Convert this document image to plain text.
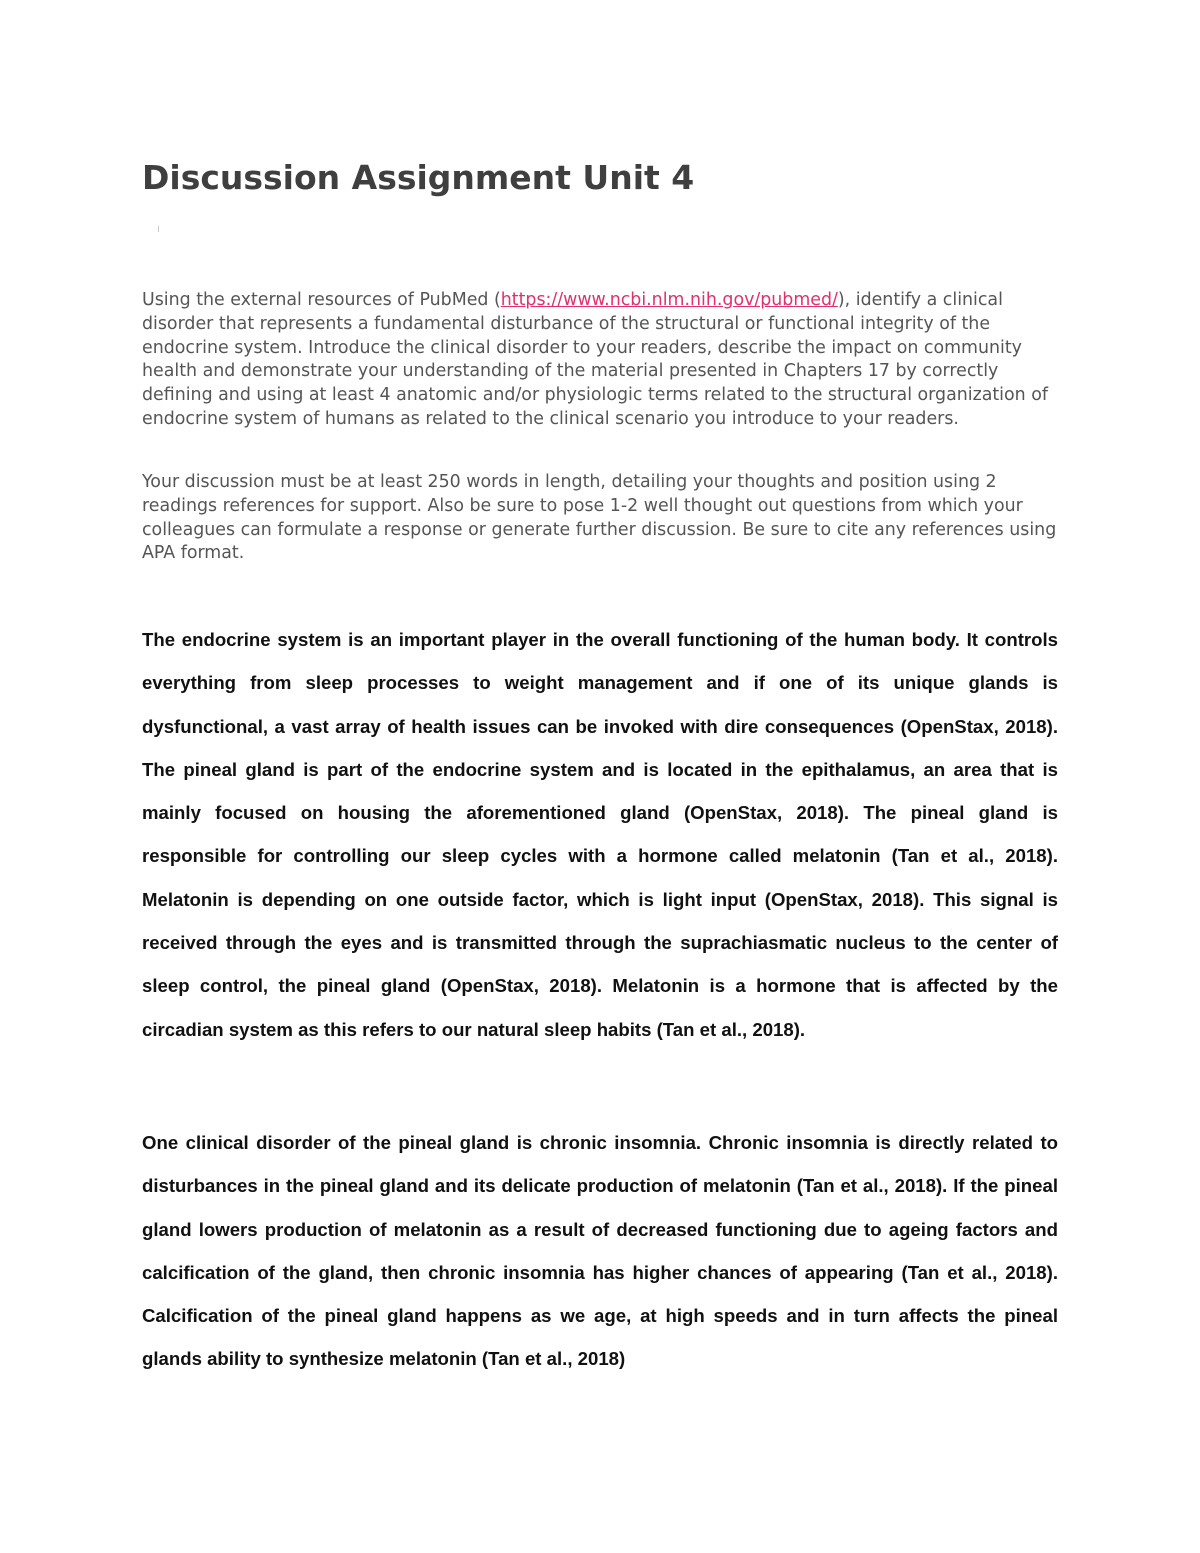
Discussion Assignment Unit 4

Using the external resources of PubMed (https://www.ncbi.nlm.nih.gov/pubmed/), identify a clinical disorder that represents a fundamental disturbance of the structural or functional integrity of the endocrine system. Introduce the clinical disorder to your readers, describe the impact on community health and demonstrate your understanding of the material presented in Chapters 17 by correctly defining and using at least 4 anatomic and/or physiologic terms related to the structural organization of endocrine system of humans as related to the clinical scenario you introduce to your readers.

Your discussion must be at least 250 words in length, detailing your thoughts and position using 2 readings references for support. Also be sure to pose 1-2 well thought out questions from which your colleagues can formulate a response or generate further discussion. Be sure to cite any references using APA format.

The endocrine system is an important player in the overall functioning of the human body. It controls everything from sleep processes to weight management and if one of its unique glands is dysfunctional, a vast array of health issues can be invoked with dire consequences (OpenStax, 2018). The pineal gland is part of the endocrine system and is located in the epithalamus, an area that is mainly focused on housing the aforementioned gland (OpenStax, 2018). The pineal gland is responsible for controlling our sleep cycles with a hormone called melatonin (Tan et al., 2018). Melatonin is depending on one outside factor, which is light input (OpenStax, 2018). This signal is received through the eyes and is transmitted through the suprachiasmatic nucleus to the center of sleep control, the pineal gland (OpenStax, 2018). Melatonin is a hormone that is affected by the circadian system as this refers to our natural sleep habits (Tan et al., 2018).

One clinical disorder of the pineal gland is chronic insomnia. Chronic insomnia is directly related to disturbances in the pineal gland and its delicate production of melatonin (Tan et al., 2018). If the pineal gland lowers production of melatonin as a result of decreased functioning due to ageing factors and calcification of the gland, then chronic insomnia has higher chances of appearing (Tan et al., 2018). Calcification of the pineal gland happens as we age, at high speeds and in turn affects the pineal glands ability to synthesize melatonin (Tan et al., 2018)
